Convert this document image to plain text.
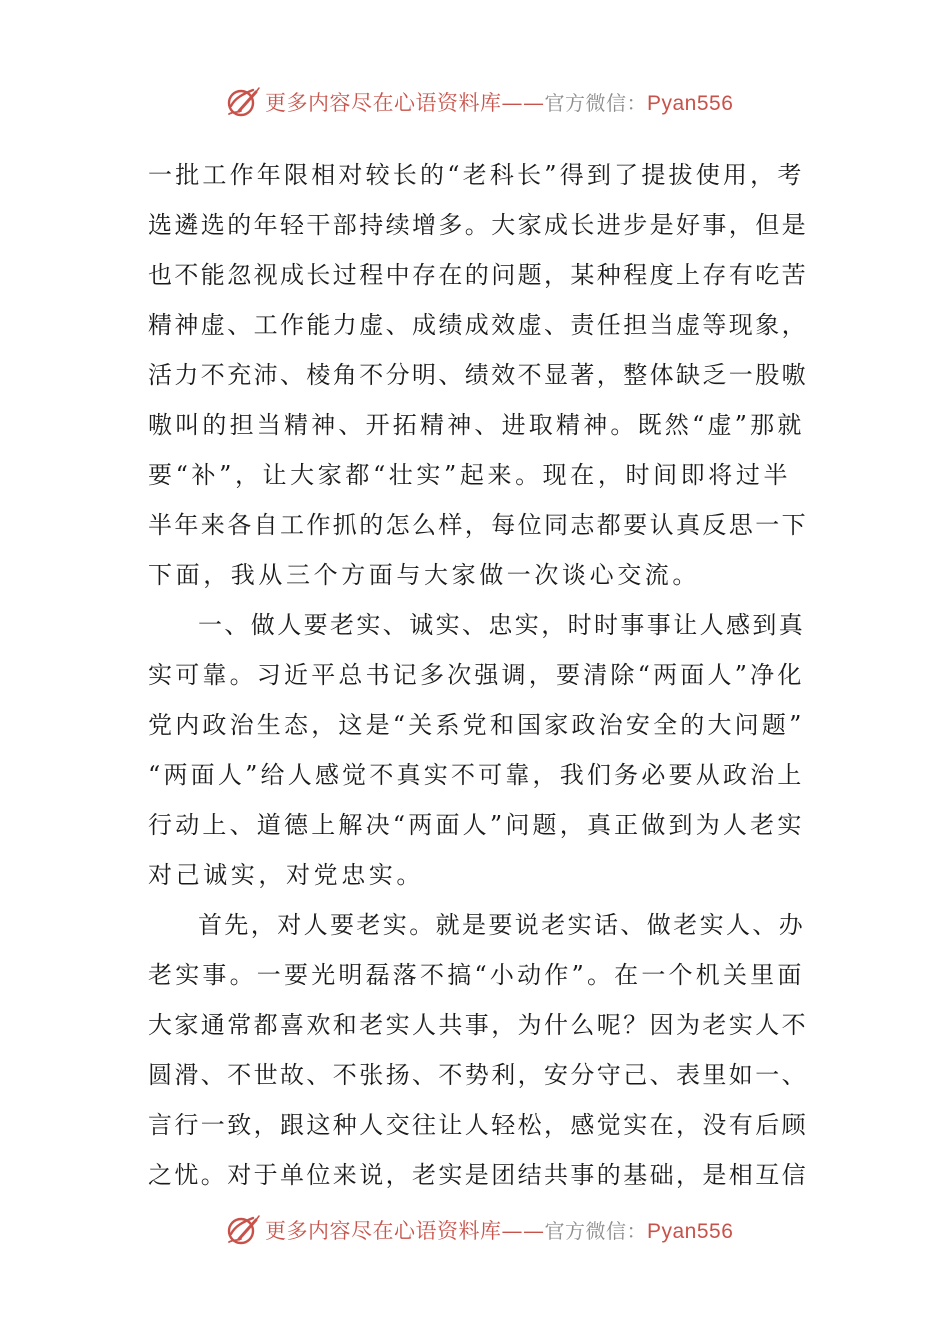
更多内容尽在心语资料库——官方微信：Pyan556
一批工作年限相对较长的“老科长”得到了提拔使用，考
选遴选的年轻干部持续增多。大家成长进步是好事，但是
也不能忽视成长过程中存在的问题，某种程度上存有吃苦
精神虚、工作能力虚、成绩成效虚、责任担当虚等现象，
活力不充沛、棱角不分明、绩效不显著，整体缺乏一股嗷
嗷叫的担当精神、开拓精神、进取精神。既然“虚”那就
要“补”，让大家都“壮实”起来。现在，时间即将过半
半年来各自工作抓的怎么样，每位同志都要认真反思一下
下面，我从三个方面与大家做一次谈心交流。
一、做人要老实、诚实、忠实，时时事事让人感到真
实可靠。习近平总书记多次强调，要清除“两面人”净化
党内政治生态，这是“关系党和国家政治安全的大问题”
“两面人”给人感觉不真实不可靠，我们务必要从政治上
行动上、道德上解决“两面人”问题，真正做到为人老实
对己诚实，对党忠实。
首先，对人要老实。就是要说老实话、做老实人、办
老实事。一要光明磊落不搞“小动作”。在一个机关里面
大家通常都喜欢和老实人共事，为什么呢？因为老实人不
圆滑、不世故、不张扬、不势利，安分守己、表里如一、
言行一致，跟这种人交往让人轻松，感觉实在，没有后顾
之忧。对于单位来说，老实是团结共事的基础，是相互信
更多内容尽在心语资料库——官方微信：Pyan556
